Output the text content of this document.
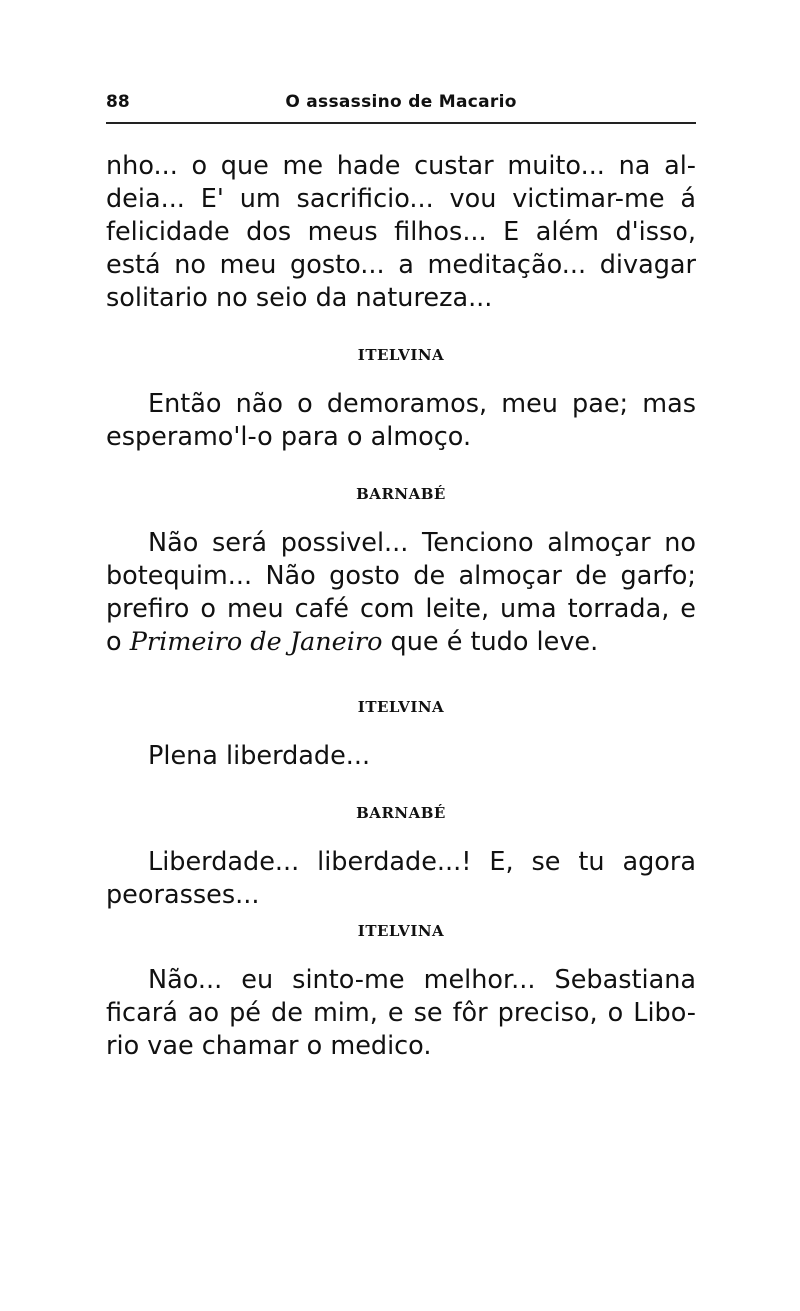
88	O assassino de Macario

nho... o que me hade custar muito... na al-
deia... E' um sacrificio... vou victimar-me á
felicidade dos meus filhos... E além d'isso,
está no meu gosto... a meditação... divagar
solitario no seio da natureza...

ITELVINA

Então não o demoramos, meu pae; mas
esperamo'l-o para o almoço.

BARNABÉ

Não será possivel... Tenciono almoçar no
botequim... Não gosto de almoçar de garfo;
prefiro o meu café com leite, uma torrada, e
o Primeiro de Janeiro que é tudo leve.

ITELVINA

Plena liberdade...

BARNABÉ

Liberdade... liberdade...! E, se tu agora
peorasses...

ITELVINA

Não... eu sinto-me melhor... Sebastiana
ficará ao pé de mim, e se fôr preciso, o Libo-
rio vae chamar o medico.
